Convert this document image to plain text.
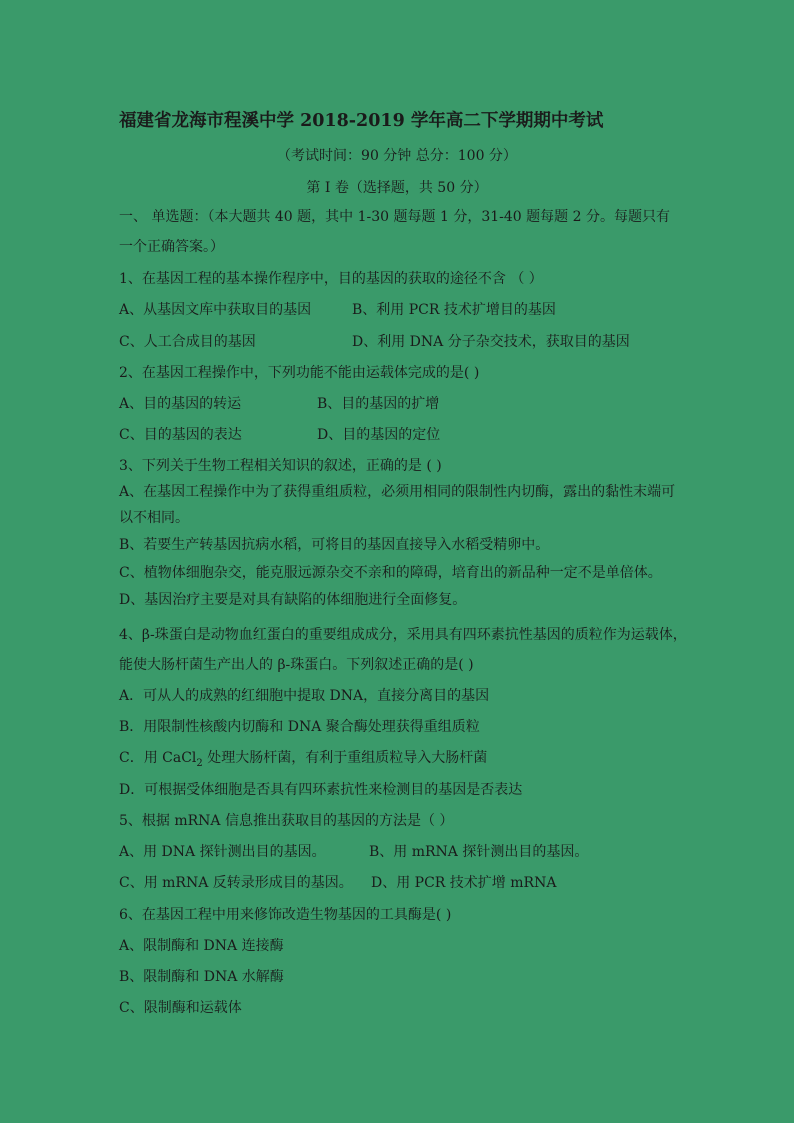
福建省龙海市程溪中学 2018-2019 学年高二下学期期中考试
（考试时间：90 分钟 总分：100 分）
第 Ⅰ 卷（选择题，共 50 分）
一、 单选题：（本大题共 40 题，其中 1-30 题每题 1 分，31-40 题每题 2 分。每题只有
一个正确答案。）
1、在基因工程的基本操作程序中，目的基因的获取的途径不含 （ ）
A、从基因文库中获取目的基因	B、利用 PCR 技术扩增目的基因
C、人工合成目的基因	D、利用 DNA 分子杂交技术，获取目的基因
2、在基因工程操作中，下列功能不能由运载体完成的是( )
A、目的基因的转运	B、目的基因的扩增
C、目的基因的表达	D、目的基因的定位
3、下列关于生物工程相关知识的叙述，正确的是 ( )
A、在基因工程操作中为了获得重组质粒，必须用相同的限制性内切酶，露出的黏性末端可
以不相同。
B、若要生产转基因抗病水稻，可将目的基因直接导入水稻受精卵中。
C、植物体细胞杂交，能克服远源杂交不亲和的障碍，培育出的新品种一定不是单倍体。
D、基因治疗主要是对具有缺陷的体细胞进行全面修复。
4、β-珠蛋白是动物血红蛋白的重要组成成分，采用具有四环素抗性基因的质粒作为运载体，
能使大肠杆菌生产出人的 β-珠蛋白。下列叙述正确的是( )
A．可从人的成熟的红细胞中提取 DNA，直接分离目的基因
B．用限制性核酸内切酶和 DNA 聚合酶处理获得重组质粒
C．用 CaCl$_2$ 处理大肠杆菌，有利于重组质粒导入大肠杆菌
D．可根据受体细胞是否具有四环素抗性来检测目的基因是否表达
5、根据 mRNA 信息推出获取目的基因的方法是（ ）
A、用 DNA 探针测出目的基因。	B、用 mRNA 探针测出目的基因。
C、用 mRNA 反转录形成目的基因。 D、用 PCR 技术扩增 mRNA
6、在基因工程中用来修饰改造生物基因的工具酶是( )
A、限制酶和 DNA 连接酶
B、限制酶和 DNA 水解酶
C、限制酶和运载体
